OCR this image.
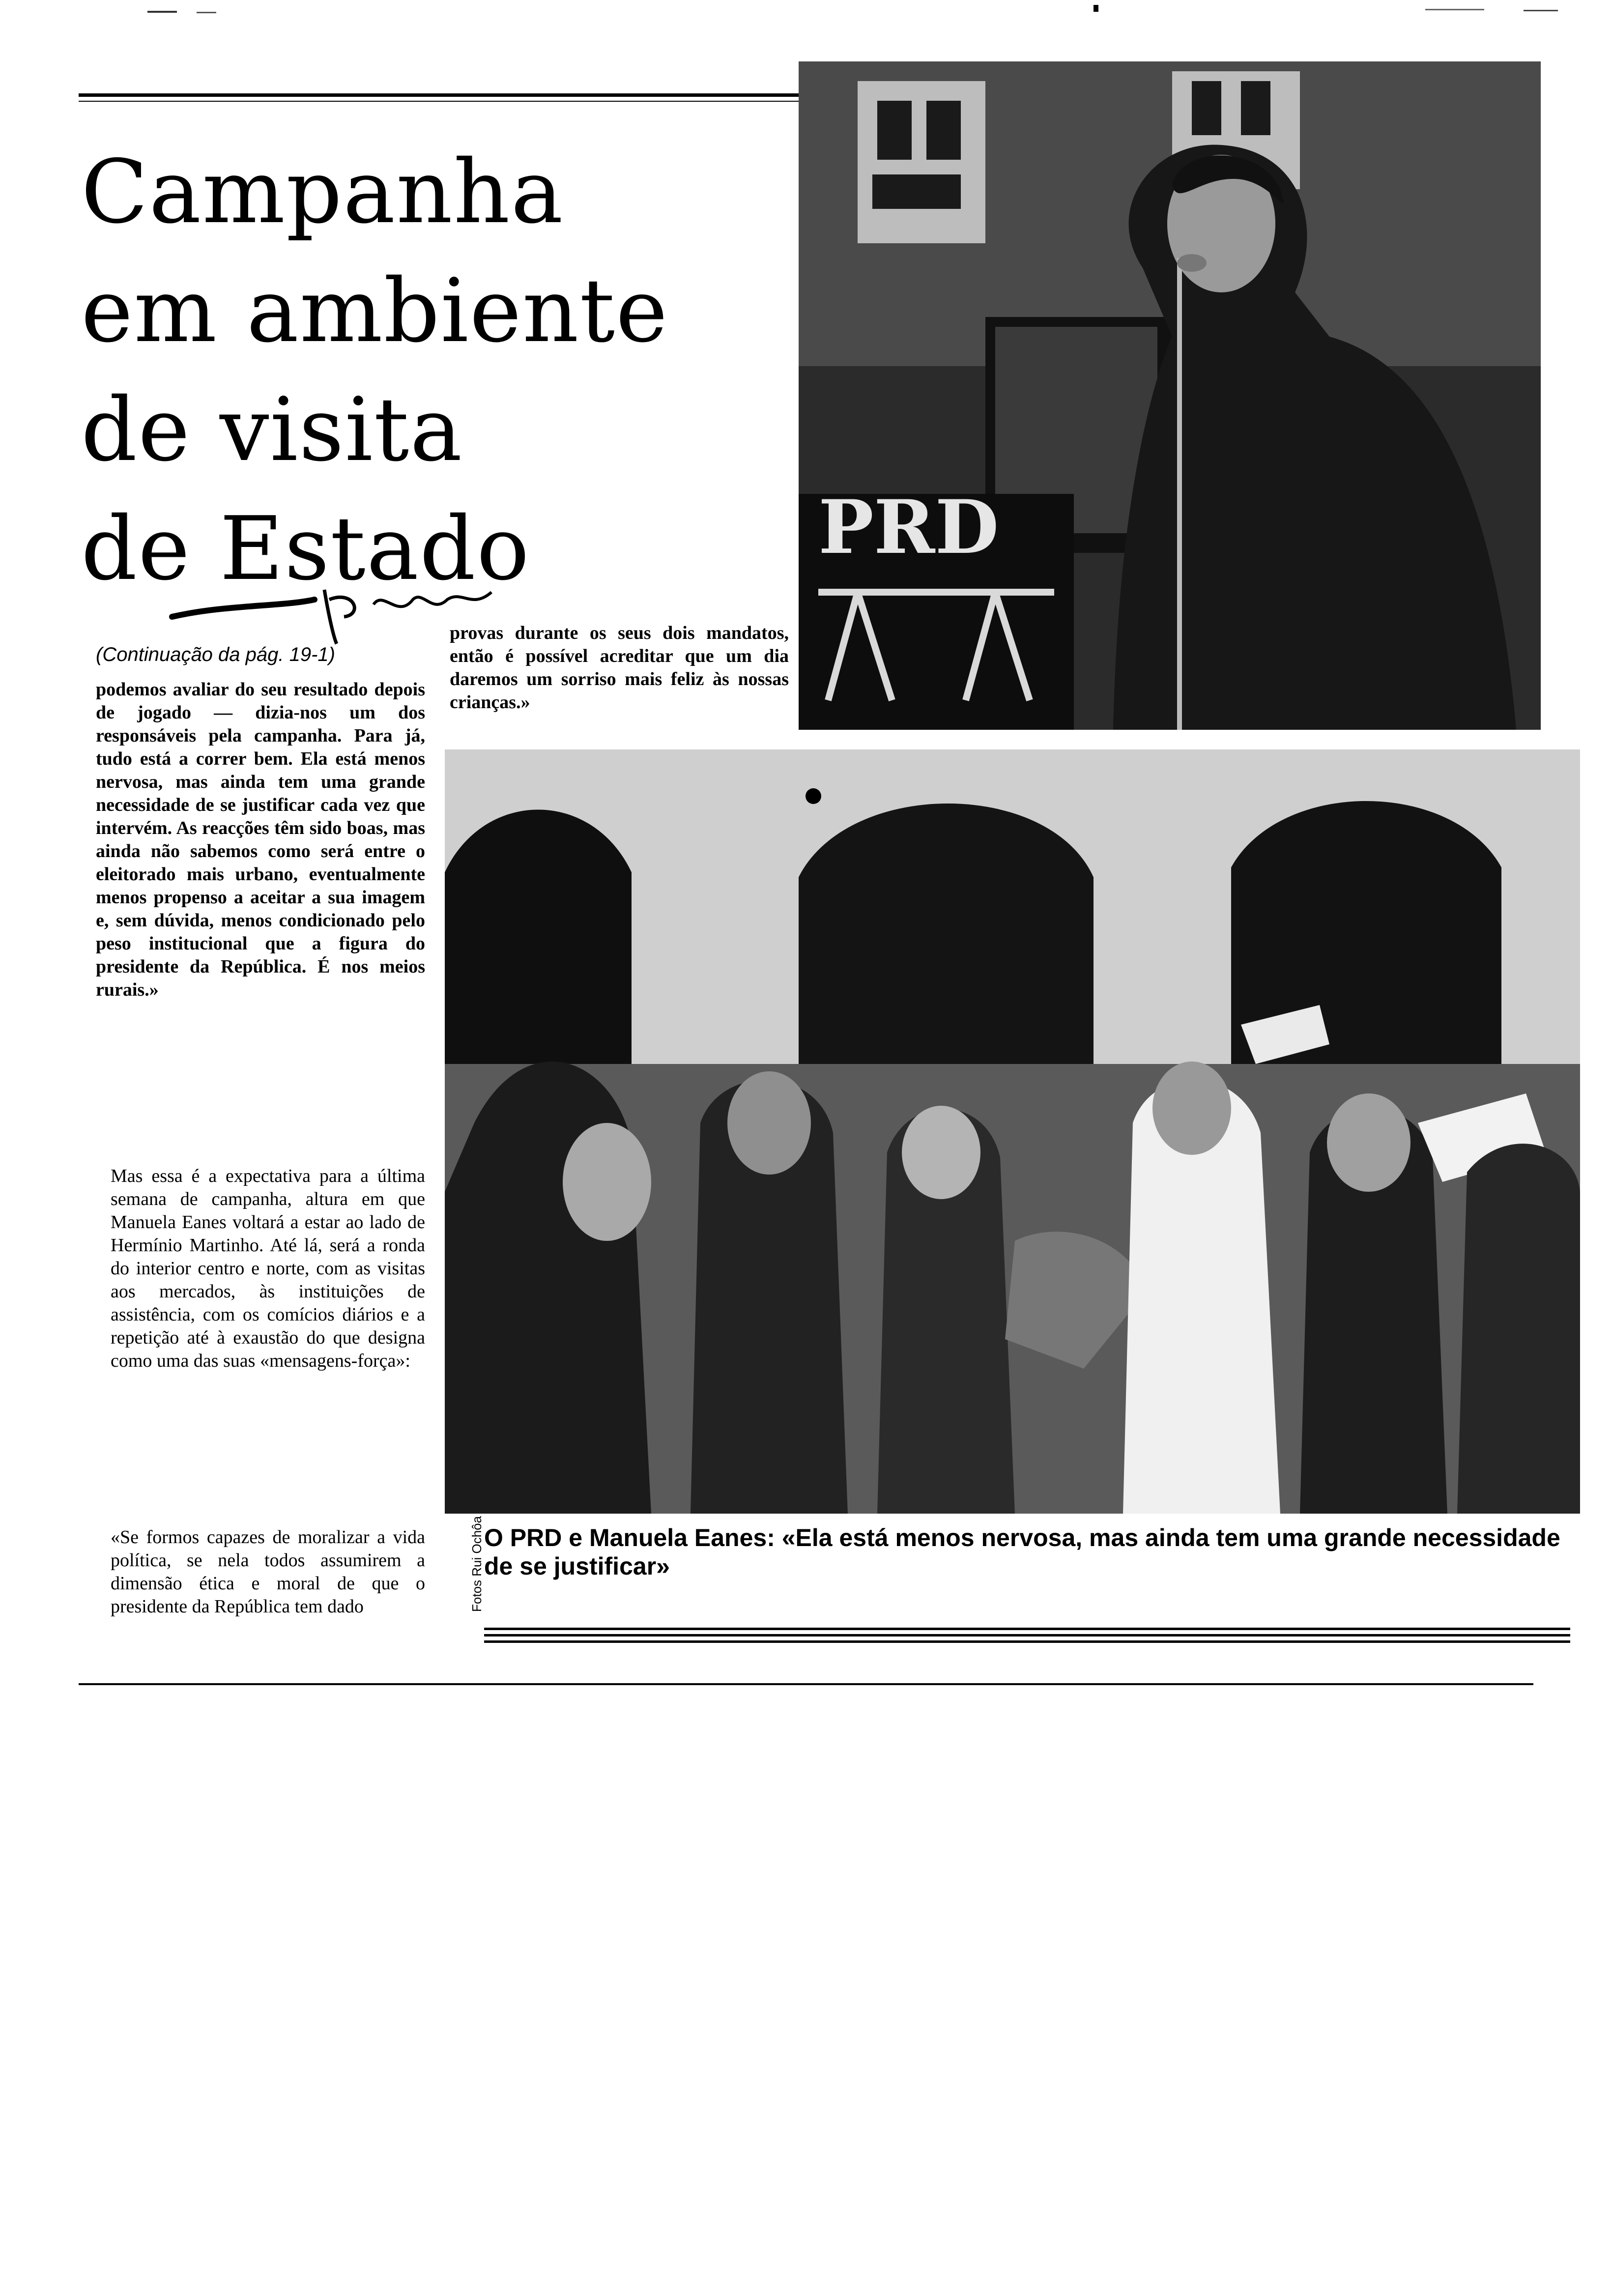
Campanha
em ambiente
de visita
de Estado
(Continuação da pág. 19-1)

podemos avaliar do seu resultado depois de jogado — dizia-nos um dos responsáveis pela campanha. Para já, tudo está a correr bem. Ela está menos nervosa, mas ainda tem uma grande necessidade de se justificar cada vez que intervém. As reacções têm sido boas, mas ainda não sabemos como será entre o eleitorado mais urbano, eventualmente menos propenso a aceitar a sua imagem e, sem dúvida, menos condicionado pelo peso institucional que a figura do presidente da República. É nos meios rurais.»

Mas essa é a expectativa para a última semana de campanha, altura em que Manuela Eanes voltará a estar ao lado de Hermínio Martinho. Até lá, será a ronda do interior centro e norte, com as visitas aos mercados, às instituições de assistência, com os comícios diários e a repetição até à exaustão do que designa como uma das suas «mensagens-força»:

«Se formos capazes de moralizar a vida política, se nela todos assumirem a dimensão ética e moral de que o presidente da República tem dado

provas durante os seus dois mandatos, então é possível acreditar que um dia daremos um sorriso mais feliz às nossas crianças.»

PRD
Fotos Rui Ochôa O PRD e Manuela Eanes: «Ela está menos nervosa, mas ainda tem uma grande necessidade de se justificar»
